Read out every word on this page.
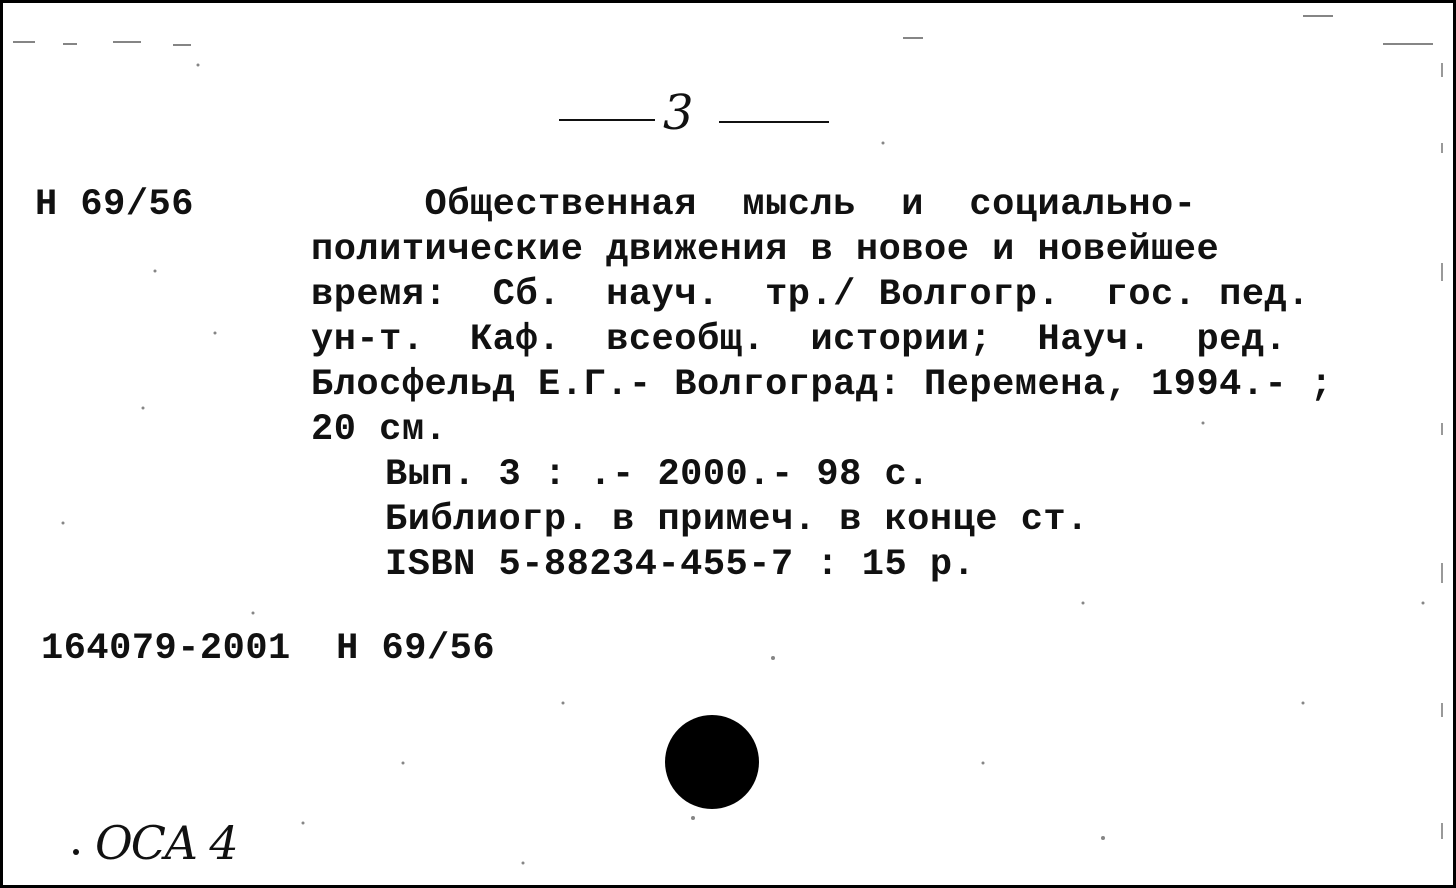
3
Н 69/56	Общественная  мысль  и  социально-
политические движения в новое и новейшее
время:  Сб.  науч.  тр./ Волгогр.  гос. пед.
ун-т.  Каф.  всеобщ.  истории;  Науч.  ред.
Блосфельд Е.Г.- Волгоград: Перемена, 1994.- ;
20 см.
Вып. 3 : .- 2000.- 98 с.
Библиогр. в примеч. в конце ст.
ISBN 5-88234-455-7 : 15 р.
164079-2001  Н 69/56
ОСА 4
